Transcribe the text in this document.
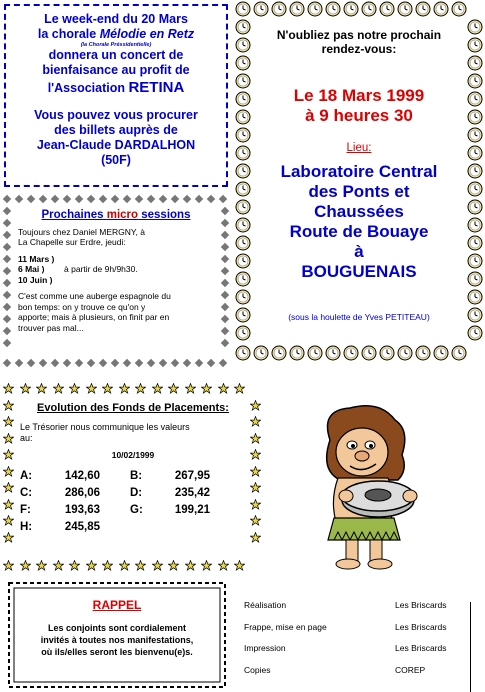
Le week-end du 20 Mars
la chorale Mélodie en Retz
(la Chorale Préssidentielle)
donnera un concert de
bienfaisance au profit de
l'Association RETINA
Vous pouvez vous procurer
des billets auprès de
Jean-Claude DARDALHON
(50F)
Prochaines micro sessions
Toujours chez Daniel MERGNY, à
La Chapelle sur Erdre, jeudi:
11 Mars )
6 Mai )	à partir de 9h/9h30.
10 Juin )
C'est comme une auberge espagnole du
bon temps: on y trouve ce qu'on y
apporte; mais à plusieurs, on finit par en
trouver pas mal...
N'oubliez pas notre prochain
rendez-vous:
Le 18 Mars 1999
à 9 heures 30
Lieu:
Laboratoire Central
des Ponts et
Chaussées
Route de Bouaye
à
BOUGUENAIS
(sous la houlette de Yves PETITEAU)
Evolution des Fonds de Placements:
Le Trésorier nous communique les valeurs
au:
10/02/1999
A:	142,60	B:	267,95
C:	286,06	D:	235,42
F:	193,63	G:	199,21
H:	245,85
RAPPEL
Les conjoints sont cordialement
invités à toutes nos manifestations,
où ils/elles seront les bienvenu(e)s.
Réalisation	Les Briscards
Frappe, mise en page	Les Briscards
Impression	Les Briscards
Copies	COREP
